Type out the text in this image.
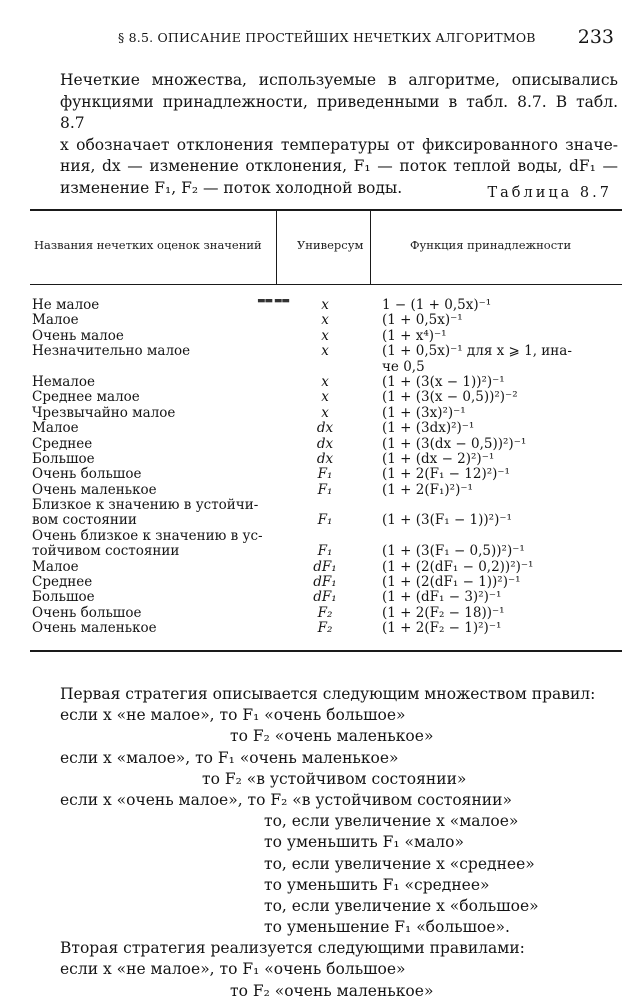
§ 8.5. ОПИСАНИЕ ПРОСТЕЙШИХ НЕЧЕТКИХ АЛГОРИТМОВ 233
Нечеткие множества, используемые в алгоритме, описывались
функциями принадлежности, приведенными в табл. 8.7. В табл. 8.7
x обозначает отклонения температуры от фиксированного значе-
ния, dx — изменение отклонения, F₁ — поток теплой воды, dF₁ —
изменение F₁, F₂ — поток холодной воды.	Таблица 8.7
Названия нечетких оценок значений	Универсум	Функция принадлежности
▬▬ ▬▬
Не малое	x	1 − (1 + 0,5x)⁻¹
Малое	x	(1 + 0,5x)⁻¹
Очень малое	x	(1 + x⁴)⁻¹
Незначительно малое	x	(1 + 0,5x)⁻¹ для x ⩾ 1, ина-
че 0,5
Немалое	x	(1 + (3(x − 1))²)⁻¹
Среднее малое	x	(1 + (3(x − 0,5))²)⁻²
Чрезвычайно малое	x	(1 + (3x)²)⁻¹
Малое	dx	(1 + (3dx)²)⁻¹
Среднее	dx	(1 + (3(dx − 0,5))²)⁻¹
Большое	dx	(1 + (dx − 2)²)⁻¹
Очень большое	F₁	(1 + 2(F₁ − 12)²)⁻¹
Очень маленькое	F₁	(1 + 2(F₁)²)⁻¹
Близкое к значению в устойчи-
вом состоянии	F₁	(1 + (3(F₁ − 1))²)⁻¹
Очень близкое к значению в ус-
тойчивом состоянии	F₁	(1 + (3(F₁ − 0,5))²)⁻¹
Малое	dF₁	(1 + (2(dF₁ − 0,2))²)⁻¹
Среднее	dF₁	(1 + (2(dF₁ − 1))²)⁻¹
Большое	dF₁	(1 + (dF₁ − 3)²)⁻¹
Очень большое	F₂	(1 + 2(F₂ − 18))⁻¹
Очень маленькое	F₂	(1 + 2(F₂ − 1)²)⁻¹
Первая стратегия описывается следующим множеством правил:
если x «не малое», то F₁ «очень большое»
то F₂ «очень маленькое»
если x «малое», то F₁ «очень маленькое»
то F₂ «в устойчивом состоянии»
если x «очень малое», то F₂ «в устойчивом состоянии»
то, если увеличение x «малое»
то уменьшить F₁ «мало»
то, если увеличение x «среднее»
то уменьшить F₁ «среднее»
то, если увеличение x «большое»
то уменьшение F₁ «большое».
Вторая стратегия реализуется следующими правилами:
если x «не малое», то F₁ «очень большое»
то F₂ «очень маленькое»
